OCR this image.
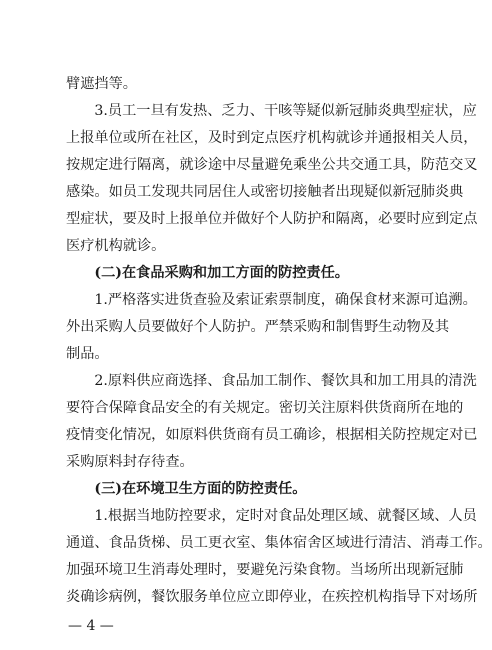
臂遮挡等。
　　3.员工一旦有发热、乏力、干咳等疑似新冠肺炎典型症状，应
上报单位或所在社区，及时到定点医疗机构就诊并通报相关人员，
按规定进行隔离，就诊途中尽量避免乘坐公共交通工具，防范交叉
感染。如员工发现共同居住人或密切接触者出现疑似新冠肺炎典
型症状，要及时上报单位并做好个人防护和隔离，必要时应到定点
医疗机构就诊。
　　(二)在食品采购和加工方面的防控责任。
　　1.严格落实进货查验及索证索票制度，确保食材来源可追溯。
外出采购人员要做好个人防护。严禁采购和制售野生动物及其
制品。
　　2.原料供应商选择、食品加工制作、餐饮具和加工用具的清洗
要符合保障食品安全的有关规定。密切关注原料供货商所在地的
疫情变化情况，如原料供货商有员工确诊，根据相关防控规定对已
采购原料封存待查。
　　(三)在环境卫生方面的防控责任。
　　1.根据当地防控要求，定时对食品处理区域、就餐区域、人员
通道、食品货梯、员工更衣室、集体宿舍区域进行清洁、消毒工作。
加强环境卫生消毒处理时，要避免污染食物。当场所出现新冠肺
炎确诊病例，餐饮服务单位应立即停业，在疾控机构指导下对场所
— 4 —
